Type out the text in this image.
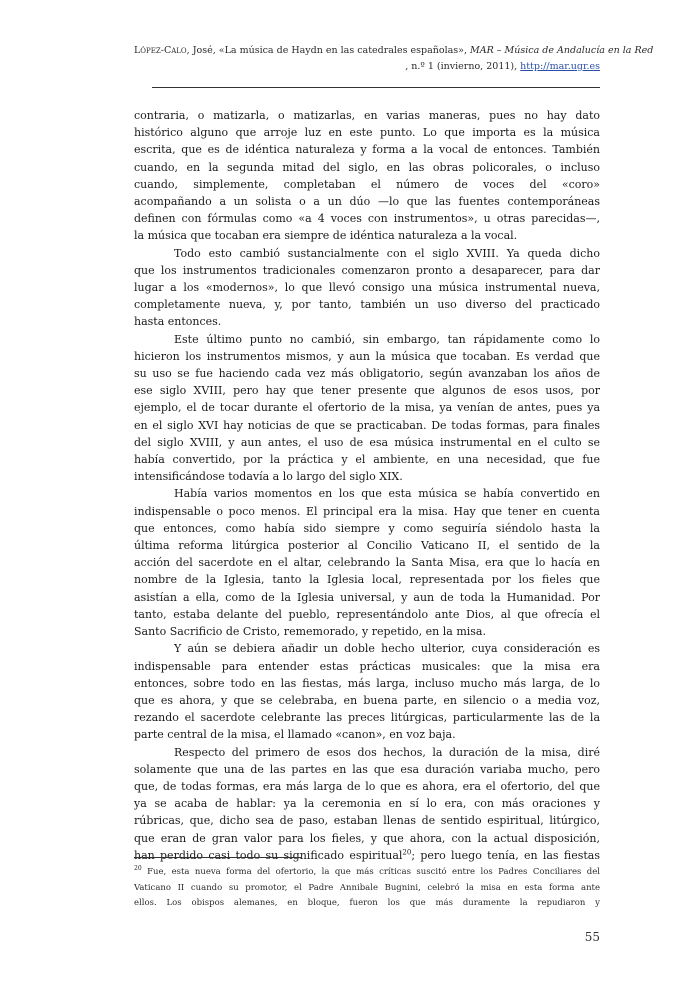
López-Calo, José, «La música de Haydn en las catedrales españolas», MAR – Música de Andalucía en la Red
, n.º 1 (invierno, 2011), http://mar.ugr.es

contraria, o matizarla, o matizarlas, en varias maneras, pues no hay dato
histórico alguno que arroje luz en este punto. Lo que importa es la música
escrita, que es de idéntica naturaleza y forma a la vocal de entonces. También
cuando, en la segunda mitad del siglo, en las obras policorales, o incluso
cuando, simplemente, completaban el número de voces del «coro»
acompañando a un solista o a un dúo —lo que las fuentes contemporáneas
definen con fórmulas como «a 4 voces con instrumentos», u otras parecidas—,
la música que tocaban era siempre de idéntica naturaleza a la vocal.

Todo esto cambió sustancialmente con el siglo XVIII. Ya queda dicho
que los instrumentos tradicionales comenzaron pronto a desaparecer, para dar
lugar a los «modernos», lo que llevó consigo una música instrumental nueva,
completamente nueva, y, por tanto, también un uso diverso del practicado
hasta entonces.

Este último punto no cambió, sin embargo, tan rápidamente como lo
hicieron los instrumentos mismos, y aun la música que tocaban. Es verdad que
su uso se fue haciendo cada vez más obligatorio, según avanzaban los años de
ese siglo XVIII, pero hay que tener presente que algunos de esos usos, por
ejemplo, el de tocar durante el ofertorio de la misa, ya venían de antes, pues ya
en el siglo XVI hay noticias de que se practicaban. De todas formas, para finales
del siglo XVIII, y aun antes, el uso de esa música instrumental en el culto se
había convertido, por la práctica y el ambiente, en una necesidad, que fue
intensificándose todavía a lo largo del siglo XIX.

Había varios momentos en los que esta música se había convertido en
indispensable o poco menos. El principal era la misa. Hay que tener en cuenta
que entonces, como había sido siempre y como seguiría siéndolo hasta la
última reforma litúrgica posterior al Concilio Vaticano II, el sentido de la
acción del sacerdote en el altar, celebrando la Santa Misa, era que lo hacía en
nombre de la Iglesia, tanto la Iglesia local, representada por los fieles que
asistían a ella, como de la Iglesia universal, y aun de toda la Humanidad. Por
tanto, estaba delante del pueblo, representándolo ante Dios, al que ofrecía el
Santo Sacrificio de Cristo, rememorado, y repetido, en la misa.

Y aún se debiera añadir un doble hecho ulterior, cuya consideración es
indispensable para entender estas prácticas musicales: que la misa era
entonces, sobre todo en las fiestas, más larga, incluso mucho más larga, de lo
que es ahora, y que se celebraba, en buena parte, en silencio o a media voz,
rezando el sacerdote celebrante las preces litúrgicas, particularmente las de la
parte central de la misa, el llamado «canon», en voz baja.

Respecto del primero de esos dos hechos, la duración de la misa, diré
solamente que una de las partes en las que esa duración variaba mucho, pero
que, de todas formas, era más larga de lo que es ahora, era el ofertorio, del que
ya se acaba de hablar: ya la ceremonia en sí lo era, con más oraciones y
rúbricas, que, dicho sea de paso, estaban llenas de sentido espiritual, litúrgico,
que eran de gran valor para los fieles, y que ahora, con la actual disposición,
han perdido casi todo su significado espiritual$^{20}$; pero luego tenía, en las fiestas

$^{20}$ Fue, esta nueva forma del ofertorio, la que más críticas suscitó entre los Padres Conciliares del
Vaticano II cuando su promotor, el Padre Annibale Bugnini, celebró la misa en esta forma ante
ellos. Los obispos alemanes, en bloque, fueron los que más duramente la repudiaron y
55
